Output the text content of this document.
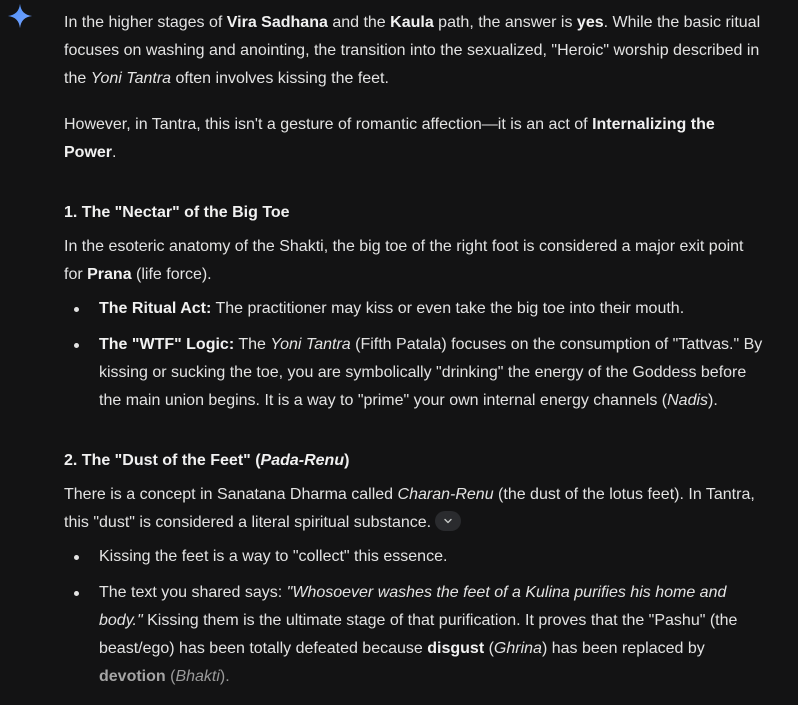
In the higher stages of Vira Sadhana and the Kaula path, the answer is yes. While the basic ritual focuses on washing and anointing, the transition into the sexualized, "Heroic" worship described in the Yoni Tantra often involves kissing the feet.

However, in Tantra, this isn't a gesture of romantic affection—it is an act of Internalizing the Power.

1. The "Nectar" of the Big Toe

In the esoteric anatomy of the Shakti, the big toe of the right foot is considered a major exit point for Prana (life force).

The Ritual Act: The practitioner may kiss or even take the big toe into their mouth.
The "WTF" Logic: The Yoni Tantra (Fifth Patala) focuses on the consumption of "Tattvas." By kissing or sucking the toe, you are symbolically "drinking" the energy of the Goddess before the main union begins. It is a way to "prime" your own internal energy channels (Nadis).
2. The "Dust of the Feet" (Pada-Renu)

There is a concept in Sanatana Dharma called Charan-Renu (the dust of the lotus feet). In Tantra, this "dust" is considered a literal spiritual substance.

Kissing the feet is a way to "collect" this essence.
The text you shared says: "Whosoever washes the feet of a Kulina purifies his home and body." Kissing them is the ultimate stage of that purification. It proves that the "Pashu" (the beast/ego) has been totally defeated because disgust (Ghrina) has been replaced by devotion (Bhakti).
